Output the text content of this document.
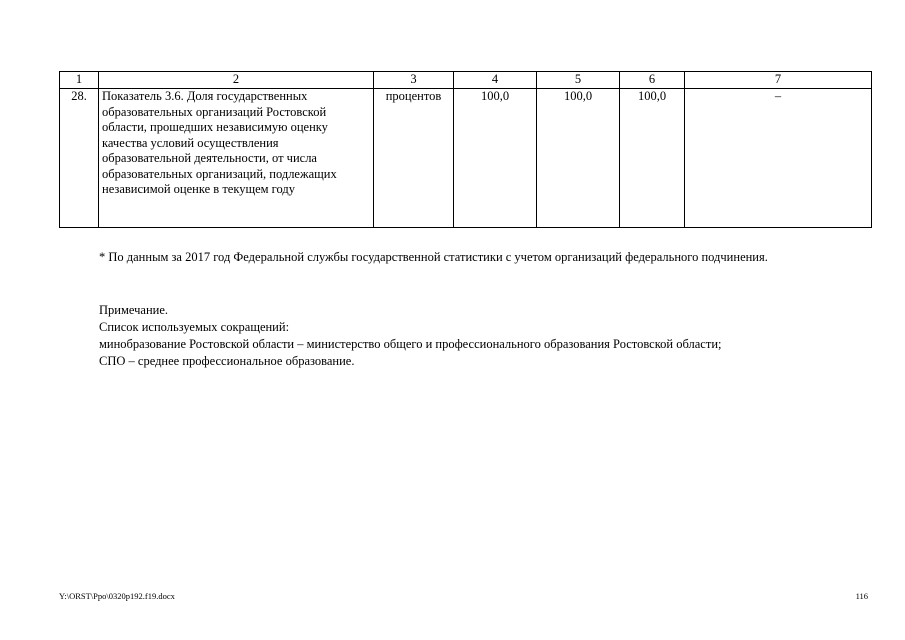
1	2	3	4	5	6	7
28.	Показатель 3.6. Доля государственных образовательных организаций Ростовской области, прошедших независимую оценку качества условий осуществления образовательной деятельности, от числа образовательных организаций, подлежащих независимой оценке в текущем году	процентов	100,0	100,0	100,0	–
* По данным за 2017 год Федеральной службы государственной статистики с учетом организаций федерального подчинения.
Примечание.
Список используемых сокращений:
минобразование Ростовской области – министерство общего и профессионального образования Ростовской области;
СПО – среднее профессиональное образование.
Y:\ORST\Ppo\0320p192.f19.docx	116
